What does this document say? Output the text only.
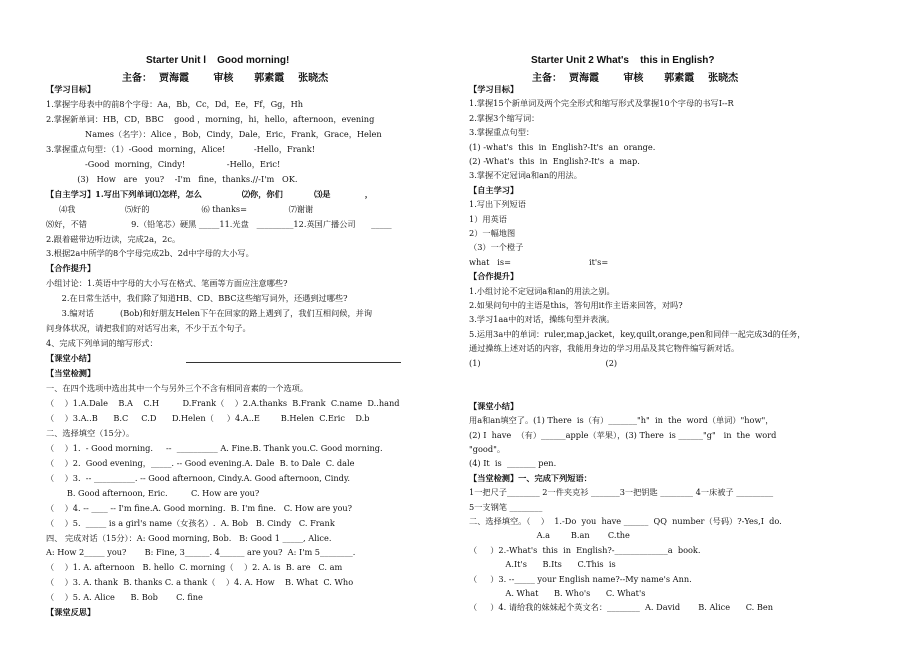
Starter Unit l    Good morning!
主备：  贾海霞       审核      郭素霞    张晓杰
【学习目标】
1.掌握字母表中的前8个字母：Aa，Bb，Cc，Dd，Ee，Ff，Gg，Hh
2.掌握新单词：HB，CD，BBC    good ，morning，hi，hello，afternoon，evening
Names（名字）：Alice ，Bob，Cindy，Dale，Eric，Frank，Grace，Helen
3.掌握重点句型：（1）-Good  morning，Alice!           -Hello，Frank!
-Good  morning，Cindy!                -Hello，Eric!
(3)   How   are   you?    -I'm   fine，thanks.//-I'm   OK.
【自主学习】1.写出下列单词⑴怎样，怎么              ⑵你，你们           ⑶是            ，
⑷我                   ⑸好的                    ⑹ thanks=                ⑺谢谢
⑻好，不错                 9.（铅笔芯）硬黑 _____11.光盘   _________12.英国广播公司      _____
2.跟着磁带边听边读，完成2a，2c。
3.根据2a中所学的8个字母完成2b、2d中字母的大小写。
【合作提升】
小组讨论：1.英语中字母的大小写在格式、笔画等方面应注意哪些?
2.在日常生活中，我们除了知道HB、CD、BBC这些缩写词外，还遇到过哪些?
3.编对话          (Bob)和好朋友Helen下午在回家的路上遇到了，我们互相问候，并询
问身体状况，请把我们的对话写出来，不少于五个句子。
4、完成下列单词的缩写形式：
【课堂小结】
【当堂检测】
一、在四个选项中选出其中一个与另外三个不含有相同音素的一个选项。
（    ）1.A.Dale    B.A    C.H         D.Frank（    ）2.A.thanks  B.Frank  C.name  D..hand
（    ）3.A..B      B.C     C.D      D.Helen（     ）4.A..E        B.Helen  C.Eric    D.b
二、选择填空（15分）。
（    ）1.  - Good morning.     --  __________ A. Fine.B. Thank you.C. Good morning.
（    ）2.  Good evening，_____. -- Good evening.A. Dale  B. to Dale  C. dale
（    ）3.  -- __________. -- Good afternoon, Cindy.A. Good afternoon, Cindy.
B. Good afternoon, Eric.         C. How are you?
（    ）4. -- ____ -- I'm fine.A. Good morning.  B. I'm fine.   C. How are you?
（    ）5.  _____ is a girl's name（女孩名）.  A. Bob   B. Cindy   C. Frank
四、 完成对话（15分）：A: Good morning, Bob.   B: Good 1 _____, Alice.
A: How 2_____ you?       B: Fine, 3______. 4______ are you?  A: I'm 5________.
（    ）1. A. afternoon   B. hello  C. morning（    ）2. A. is  B. are   C. am
（    ）3. A. thank  B. thanks C. a thank（    ）4. A. How    B. What  C. Who
（    ）5. A. Alice      B. Bob       C. fine
【课堂反思】
Starter Unit 2 What's    this in English?
主备：  贾海霞       审核      郭素霞    张晓杰
【学习目标】
1.掌握15个新单词及两个完全形式和缩写形式及掌握10个字母的书写I--R
2.掌握3个缩写词：
3.掌握重点句型：
(1) -what's  this  in  English?-It's  an  orange.
(2) -What's  this  in  English?-It's  a  map.
3.掌握不定冠词a和an的用法。
【自主学习】
1.写出下列短语
1）用英语
2）一幅地图
（3）一个橙子
what   is=                              it's=
【合作提升】
1.小组讨论不定冠词a和an的用法之别。
2.如果问句中的主语是this，答句用it作主语来回答，对吗?
3.学习1aa中的对话，操练句型并表演。
5.运用3a中的单词：ruler,map,jacket，key,quilt,orange,pen和同伴一起完成3d的任务，
通过操练上述对话的内容，我能用身边的学习用品及其它物件编写新对话。
(1)                                                (2)
【课堂小结】
用a和an填空了。(1) There  is（有）_______"h"  in  the  word（单词）"how"，
(2) I  have  （有）______apple（苹果），(3) There  is ______"g"   in  the  word
"good"。
(4) It  is  _______ pen.
【当堂检测】一、完成下列短语：
1一把尺子________ 2一件夹克衫 _______3一把钥匙 ________ 4一床被子 _________
5一支钢笔 ________
二、选择填空。（    ）  1.-Do  you  have ______  QQ  number（号码）?-Yes,I  do.
A.a        B.an       C.the
（     ）2.-What's  this  in  English?-_____________a  book.
A.It's      B.Its      C.This  is
（     ）3. --_____ your English name?--My name's Ann.
A. What      B. Who's      C. What's
（     ）4. 请给我的妹妹起个英文名：________  A. David       B. Alice      C. Ben
